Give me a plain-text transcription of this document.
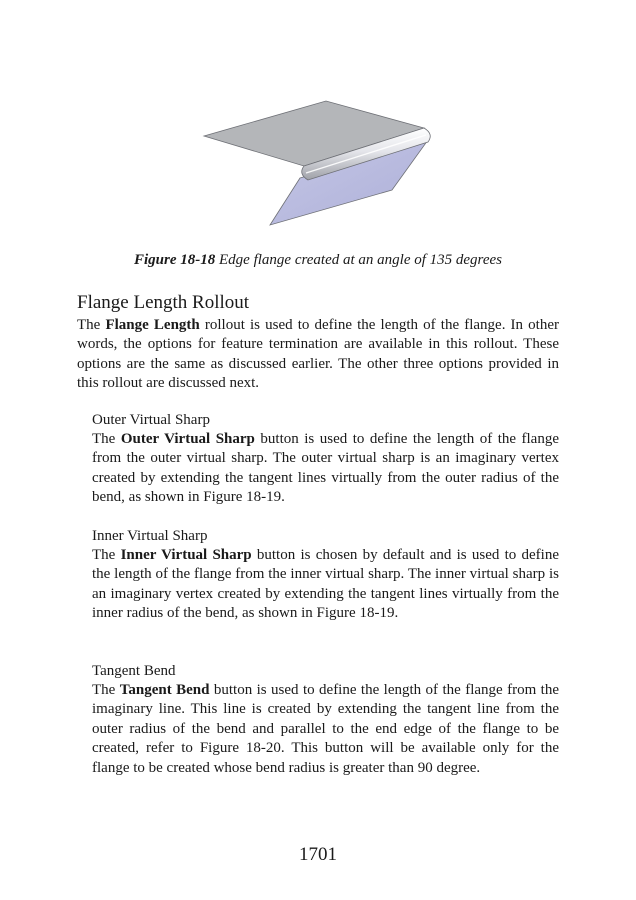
Figure 18-18 Edge flange created at an angle of 135 degrees
Flange Length Rollout
The Flange Length rollout is used to define the length of the flange. In other words, the options for feature termination are available in this rollout. These options are the same as discussed earlier. The other three options provided in this rollout are discussed next.
Outer Virtual Sharp
The Outer Virtual Sharp button is used to define the length of the flange from the outer virtual sharp. The outer virtual sharp is an imaginary vertex created by extending the tangent lines virtually from the outer radius of the bend, as shown in Figure 18-19.
Inner Virtual Sharp
The Inner Virtual Sharp button is chosen by default and is used to define the length of the flange from the inner virtual sharp. The inner virtual sharp is an imaginary vertex created by extending the tangent lines virtually from the inner radius of the bend, as shown in Figure 18-19.
Tangent Bend
The Tangent Bend button is used to define the length of the flange from the imaginary line. This line is created by extending the tangent line from the outer radius of the bend and parallel to the end edge of the flange to be created, refer to Figure 18-20. This button will be available only for the flange to be created whose bend radius is greater than 90 degree.
1701
